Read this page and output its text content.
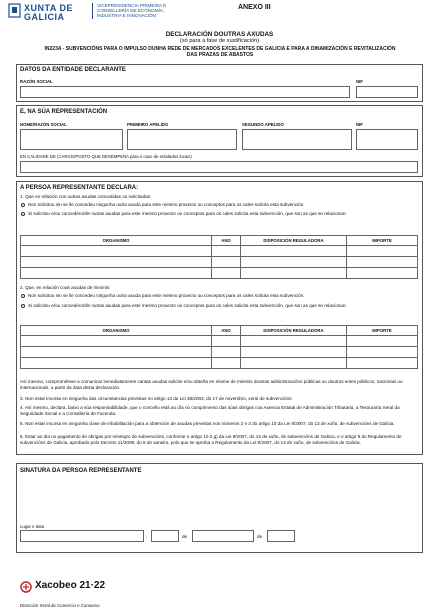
XUNTA DE GALICIA
VICEPRESIDENCIA PRIMEIRA E
CONSELLERÍA DE ECONOMÍA,
INDUSTRIA E INNOVACIÓN
ANEXO III
DECLARACIÓN DOUTRAS AXUDAS
(só para a fase de xustificación)
IN223A - SUBVENCIÓNS PARA O IMPULSO DUNHA REDE DE MERCADOS EXCELENTES DE GALICIA E PARA A DINAMIZACIÓN E REVITALIZACIÓN DAS PRAZAS DE ABASTOS
DATOS DA ENTIDADE DECLARANTE
RAZÓN SOCIAL	NIF
E, NA SÚA REPRESENTACIÓN
NOME/RAZÓN SOCIAL	PRIMEIRO APELIDO	SEGUNDO APELIDO	NIF
EN CALIDADE DE (CARGO/POSTO QUE DESEMPEÑA para o caso de entidades locais)
A PERSOA REPRESENTANTE DECLARA:
1. Que en relación con outras axudas concedidas ou solicitadas:
Non solicitou nin se lle concedeu ningunha outra axuda para este mesmo proxecto ou conceptos para os cales solicita esta subvención.
Si solicitou e/ou concedéronlle outras axudas para este mesmo proxecto ou conceptos para os cales solicita esta subvención, que son as que se relacionan:
ORGANISMO	ANO	DISPOSICIÓN REGULADORA	IMPORTE

2. Que, en relación coas axudas de minimis:
Non solicitou nin se lle concedeu ningunha outra axuda para este mesmo proxecto ou conceptos para os cales solicita esta subvención.
Si solicitou e/ou concedéronlle outras axudas para este mesmo proxecto ou conceptos para os cales solicita esta subvención, que son as que se relacionan:
ORGANISMO	ANO	DISPOSICIÓN REGULADORA	IMPORTE

Así mesmo, comprométese a comunicar inmediatamente cantas axudas solicite e/ou obteña en réxime de minimis doutras administracións públicas ou doutros entes públicos, nacionais ou internacionais, a partir da data desta declaración.
3. Non estar incursa en ningunha das circunstancias previstas no artigo 13 da Lei 38/2003, do 17 de novembro, xeral de subvencións.
4. Así mesmo, declara, baixo a súa responsabilidade, que o concello está ao día no cumprimento das súas obrigas coa Axencia Estatal de Administración Tributaria, a Tesouraría Xeral da Seguridade Social e a Consellería de Facenda.
5. Non estar incursa en ningunha clase de inhabilitación para a obtención de axudas previstas nos números 2 e 3 do artigo 10 da Lei 9/2007, do 13 de xuño, de subvencións de Galicia.
6. Estar ao día no pagamento de obrigas por reintegro de subvencións, conforme o artigo 10.2.g) da Lei 9/2007, do 13 de xuño, de subvencións de Galicia, e o artigo 9 do Regulamento de subvencións de Galicia, aprobado polo Decreto 11/2009, do 8 de xaneiro, polo que se aproba o Regulamento da Lei 9/2007, do 13 de xuño, de subvencións de Galicia.
SINATURA DA PERSOA REPRESENTANTE
Lugar e data
,	de	de
Xacobeo 21·22
Dirección Xeral de Comercio e Consumo
